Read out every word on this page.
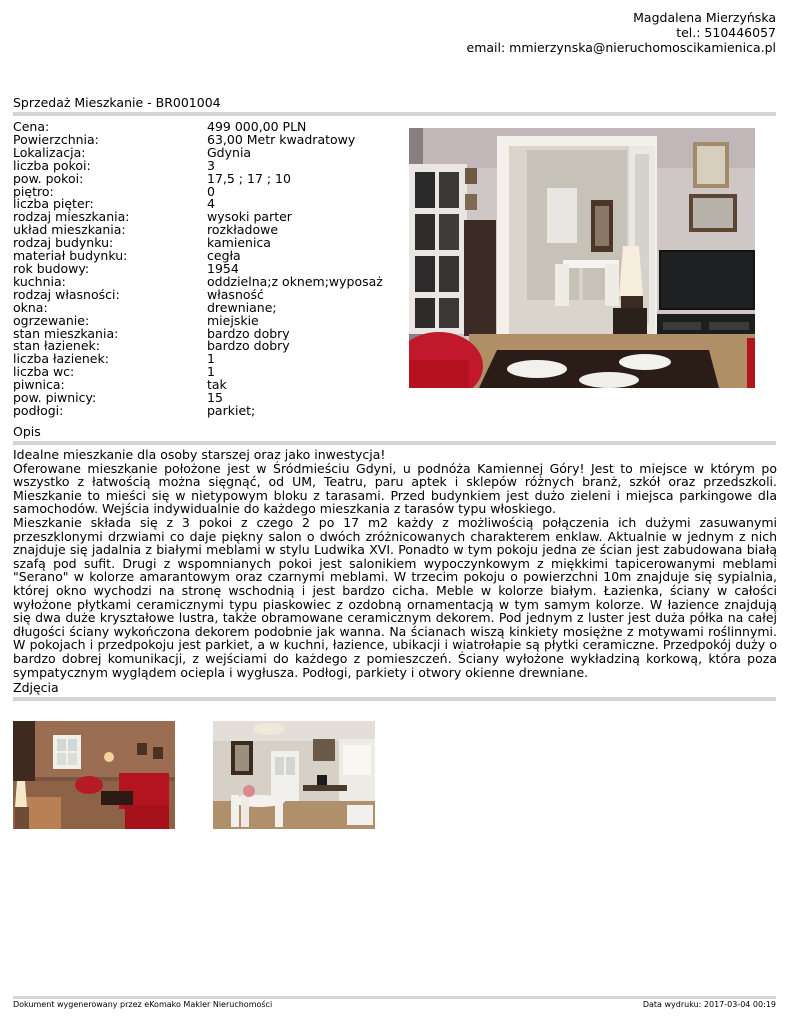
Magdalena Mierzyńska
tel.: 510446057
email: mmierzynska@nieruchomoscikamienica.pl
Sprzedaż Mieszkanie - BR001004
Cena:	499 000,00 PLN
Powierzchnia:	63,00 Metr kwadratowy
Lokalizacja:	Gdynia
liczba pokoi:	3
pow. pokoi:	17,5 ; 17 ; 10
piętro:	0
liczba pięter:	4
rodzaj mieszkania:	wysoki parter
układ mieszkania:	rozkładowe
rodzaj budynku:	kamienica
materiał budynku:	cegła
rok budowy:	1954
kuchnia:	oddzielna;z oknem;wyposaż
rodzaj własności:	własność
okna:	drewniane;
ogrzewanie:	miejskie
stan mieszkania:	bardzo dobry
stan łazienek:	bardzo dobry
liczba łazienek:	1
liczba wc:	1
piwnica:	tak
pow. piwnicy:	15
podłogi:	parkiet;
Opis

Idealne mieszkanie dla osoby starszej oraz jako inwestycja!

Oferowane mieszkanie położone jest w Śródmieściu Gdyni, u podnóża Kamiennej Góry! Jest to miejsce w którym po wszystko z łatwością można sięgnąć, od UM, Teatru, paru aptek i sklepów różnych branż, szkół oraz przedszkoli. Mieszkanie to mieści się w nietypowym bloku z tarasami. Przed budynkiem jest dużo zieleni i miejsca parkingowe dla samochodów. Wejścia indywidualnie do każdego mieszkania z tarasów typu włoskiego.

Mieszkanie składa się z 3 pokoi z czego 2 po 17 m2 każdy z możliwością połączenia ich dużymi zasuwanymi przeszklonymi drzwiami co daje piękny salon o dwóch zróżnicowanych charakterem enklaw. Aktualnie w jednym z nich znajduje się jadalnia z białymi meblami w stylu Ludwika XVI. Ponadto w tym pokoju jedna ze ścian jest zabudowana białą szafą pod sufit. Drugi z wspomnianych pokoi jest salonikiem wypoczynkowym z miękkimi tapicerowanymi meblami "Serano" w kolorze amarantowym oraz czarnymi meblami. W trzecim pokoju o powierzchni 10m znajduje się sypialnia, której okno wychodzi na stronę wschodnią i jest bardzo cicha. Meble w kolorze białym. Łazienka, ściany w całości wyłożone płytkami ceramicznymi typu piaskowiec z ozdobną ornamentacją w tym samym kolorze. W łazience znajdują się dwa duże kryształowe lustra, także obramowane ceramicznym dekorem. Pod jednym z luster jest duża półka na całej długości ściany wykończona dekorem podobnie jak wanna. Na ścianach wiszą kinkiety mosiężne z motywami roślinnymi. W pokojach i przedpokoju jest parkiet, a w kuchni, łazience, ubikacji i wiatrołapie są płytki ceramiczne. Przedpokój duży o bardzo dobrej komunikacji, z wejściami do każdego z pomieszczeń. Ściany wyłożone wykładziną korkową, która poza sympatycznym wyglądem ociepla i wygłusza. Podłogi, parkiety i otwory okienne drewniane.

Zdjęcia
Dokument wygenerowany przez eKomako Makler Nieruchomości	Data wydruku: 2017-03-04 00:19
